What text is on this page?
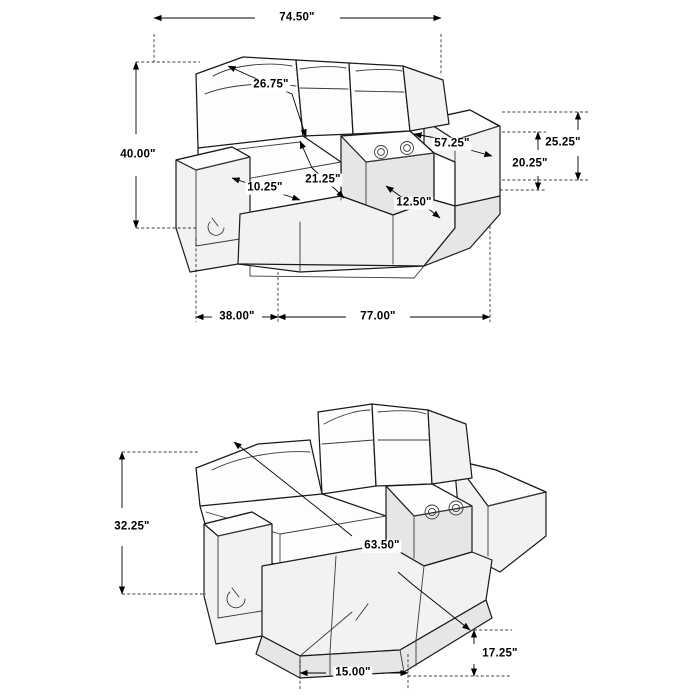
74.50"
26.75"
40.00"
57.25"	25.25"
20.25"
10.25"
21.25"
12.50"
38.00"	77.00"
32.25"
63.50"
17.25"
15.00"
